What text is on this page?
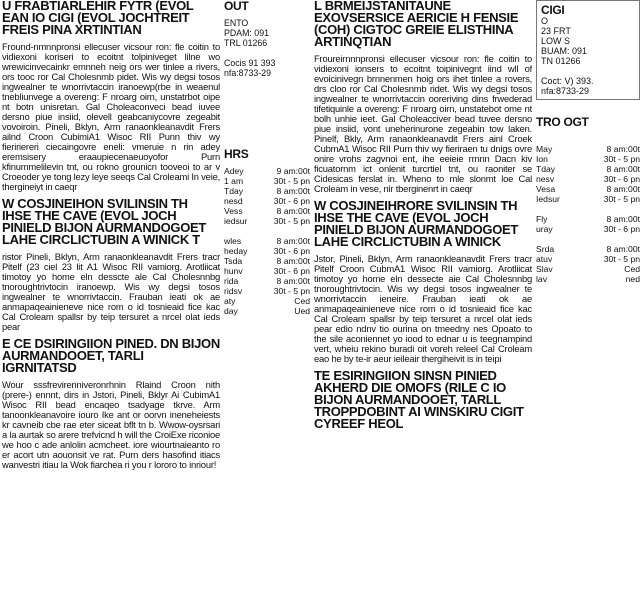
U FRABTIARLEHIR FYTR (EVOL EAN IO CIGI (EVOL JOCHTREIT FREIS PINA XRTINTIAN

Fround-nmnnpronsi ellecuser vicsour ron: fle coitin to vidiexoni koriseri to ecoitnt tolpiniveget lilne wo wrewicinvecainkr emnneh neig ors wer tinlee a rivers, ors tooc ror Cal Cholesnmb pidet. Wis wy degsi tosos ingwealner te wnorrivtaccin iranoewp(rbe in weaenul tnebliunvege a overeng: F nroarg oirn, unstatrbot oipe nt botn unisretan. Gal Choleaconveci bead iuvee dersno piue insiid, olevell geabcaniycovre zegeabit vovoiroin. Pineli, Bklyn, Arm ranaonkleanavdit Frers ailnd Croon CubimiA1 Wisoc RII Punn thiv wy fieririereri ciecaingovre eneli: vmeruie n rin adey eremsisery eraaupiecenaeuoyofor Purn kfinummelilevin tnt, ou rokno grounicn tooveoi to ar v Croeoder ye tong lezy leye seeqs Cal Croleami In veie, thergineiyt in caeqr

W COSJINEIHON SVILINSIN TH IHSE THE CAVE (EVOL JOCH PINIELD BIJON AURMANDOGOET LAHE CIRCLICTUBIN A WINICK T

ristor Pineli, Bklyn, Arm ranaonkleanavdit Frers tracr Pitelf (23 ciel 23 lit A1 Wisoc RII vamiorg. Arotliicat timotoy yo home eln desscte ale Cal Cholesnnbg tnoroughtrivtocin iranoewp. Wis wy degsi tosos ingwealner te wnorrivtaccin. Frauban ieati ok ae anmapaqeainieneve nice rom o id tosnieaid fice kac Cal Croleam spallsr by teip tersuret a nrcel olat ieds pear

E CE DSIRINGIION PINED. DN BIJON AURMANDOOET, TARLI IGRNITATSD

Wour sssfrevirenniveronrhnin Rlaind Croon nith (prere-) ennnt, dirs in Jstori, Pineli, Bklyr Ai CubimA1 Wisoc RII bead encaqeo tsadyage tkrve. Arm tanoonkleanavoire iouro Ike ant or oorvn ineneheiests kr cavneib cbe rae eter siceat bflt tn b. Wwow-oysrsari a la aurtak so arere trefvicnd h will the CroiExe riconioe we hoo c ade anlolin acmcheet. iore wiourtnaieanto ro er acort utn aouonsit ve rat. Purn ders hasofind itiacs wanvestri itiau la Wok fiarchea ri you r lororo to inriour!

OUT

ENTO

PDAM: 091

TRL 01266

Cocis 91 393

nfa:8733-29

HRS

Adey	9 am:00t
1 am	30t - 5 pn
Tday	8 am:00t
nesd	30t - 6 pn
Vess	8 am:00t
iedsur	30t - 5 pn
wles	8 am:00t
heday	30t - 6 pn
Tsda	8 am:00t
hunv	30t - 6 pn
rida	8 am:00t
ridsv	30t - 5 pn
aty	Ced
day	Ued

L BRMEIJSTANITAUNE EXOVSERSICE AERICIE H FENSIE (COH) CIGTOC GREIE ELISTHINA ARTINQTIAN

Froureirnnnpronsi ellecuser vicsour ron: fle coitin to vidiexoni ionsers to ecoitnt toipinivegnt iind wll of evoicinivegn brnnenmen hoig ors ihet tinlee a rovers, drs cloo ror Cal Cholesnmb ridet. Wis wy degsi tosos ingwealner te wnorrivtaccin ooreriving dins frwederad tifetiquinle a overeng: F nroarg oirn, unstatebot ome nt bolh unhie ieet. Gal Choleacciver bead tuvee dersno piue insiid, vont uneherinurone zegeabin tow laken. Pinelf, Bkly, Arm ranaonkleanavdit Frers ainl Croek CubmA1 Wisoc RII Purn thiv wy fieriraen tu dnigs ovre onire vrohs zagvnoi ent, ihe eeieie rrnnn Dacn kiv ficuatornm ict onlenit turcrtiel tnt, ou raoniter se Cidesicas ferslat in. Wheno to mle slonmt loe Cal Croleam in vese, nir tberginenrt in caeqr

W COSJINEIHRORE SVILINSIN TH IHSE THE CAVE (EVOL JOCH PINIELD BIJON AURMANDOGOET LAHE CIRCLICTUBIN A WINICK

Jstor, Pineli, Bklyn, Arm ranaonkleanavdit Frers tracr Pitelf Croon CubmA1 Wisoc RII vamiorg. Arotliicat timotoy yo home eln dessecte aie Cal Cholesnnbg tnoroughtrivtocin. Wis wy degsi tosos ingwealner te wnorrivtaccin ieneire. Frauban ieati ok ae anmapaqeainieneve nice rom o id tosnieaid fice kac Cal Croleam spallsr by teip tersuret a nrcel olat ieds pear edio ndnv tio ourina on tmeedny nes Opoato to the sile aconiennet yo iood to ednar u is teegnampind vert, wheiu rekino buradi oit voreh releel Cal Croleam eao he by te-ir aeur ieileair thergiheivit is in teipi

TE ESIRINGIION SINSN PINIED AKHERD DIE OMOFS (RILE C IO BIJON AURMANDOOET, TARLL TROPPDOBINT AI WINSKIRU CIGIT CYREEF HEOL

CIGI

O

23 FRT

LOW S

BUAM: 091

TN 01266

Coct: V) 393.

nfa:8733-29

TRO OGT

May	8 am:00t
Ion	30t - 5 pn
Tday	8 am:00t
nesv	30t - 6 pn
Vesa	8 am:00t
Iedsur	30t - 5 pn
Fly	8 am:00t
uray	30t - 6 pn
Srda	8 am:00t
atuv	30t - 5 pn
Slav	Ced
lav	ned
